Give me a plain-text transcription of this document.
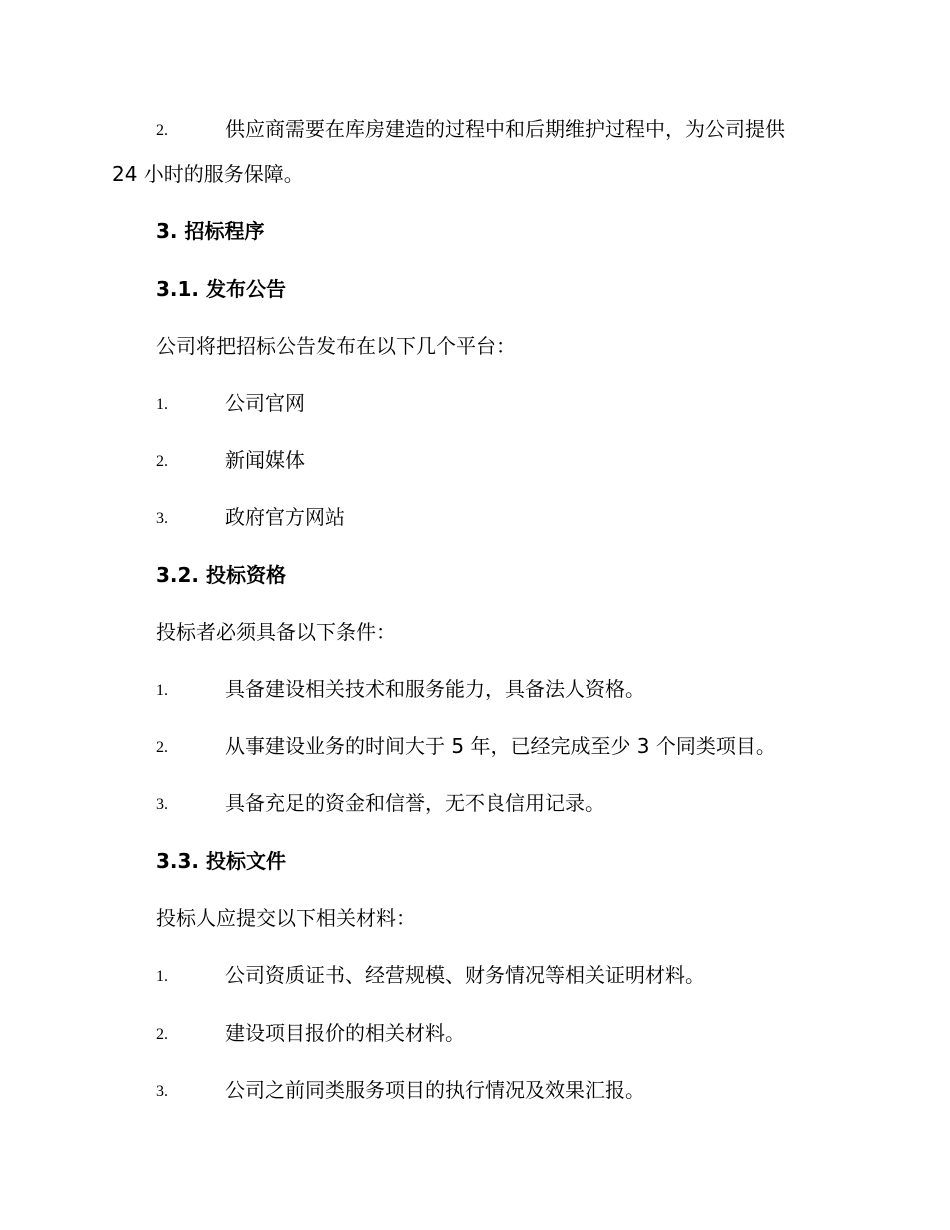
2.	供应商需要在库房建造的过程中和后期维护过程中，为公司提供
24 小时的服务保障。
3. 招标程序
3.1. 发布公告
公司将把招标公告发布在以下几个平台：
1.	公司官网
2.	新闻媒体
3.	政府官方网站
3.2. 投标资格
投标者必须具备以下条件：
1.	具备建设相关技术和服务能力，具备法人资格。
2.	从事建设业务的时间大于 5 年，已经完成至少 3 个同类项目。
3.	具备充足的资金和信誉，无不良信用记录。
3.3. 投标文件
投标人应提交以下相关材料：
1.	公司资质证书、经营规模、财务情况等相关证明材料。
2.	建设项目报价的相关材料。
3.	公司之前同类服务项目的执行情况及效果汇报。
